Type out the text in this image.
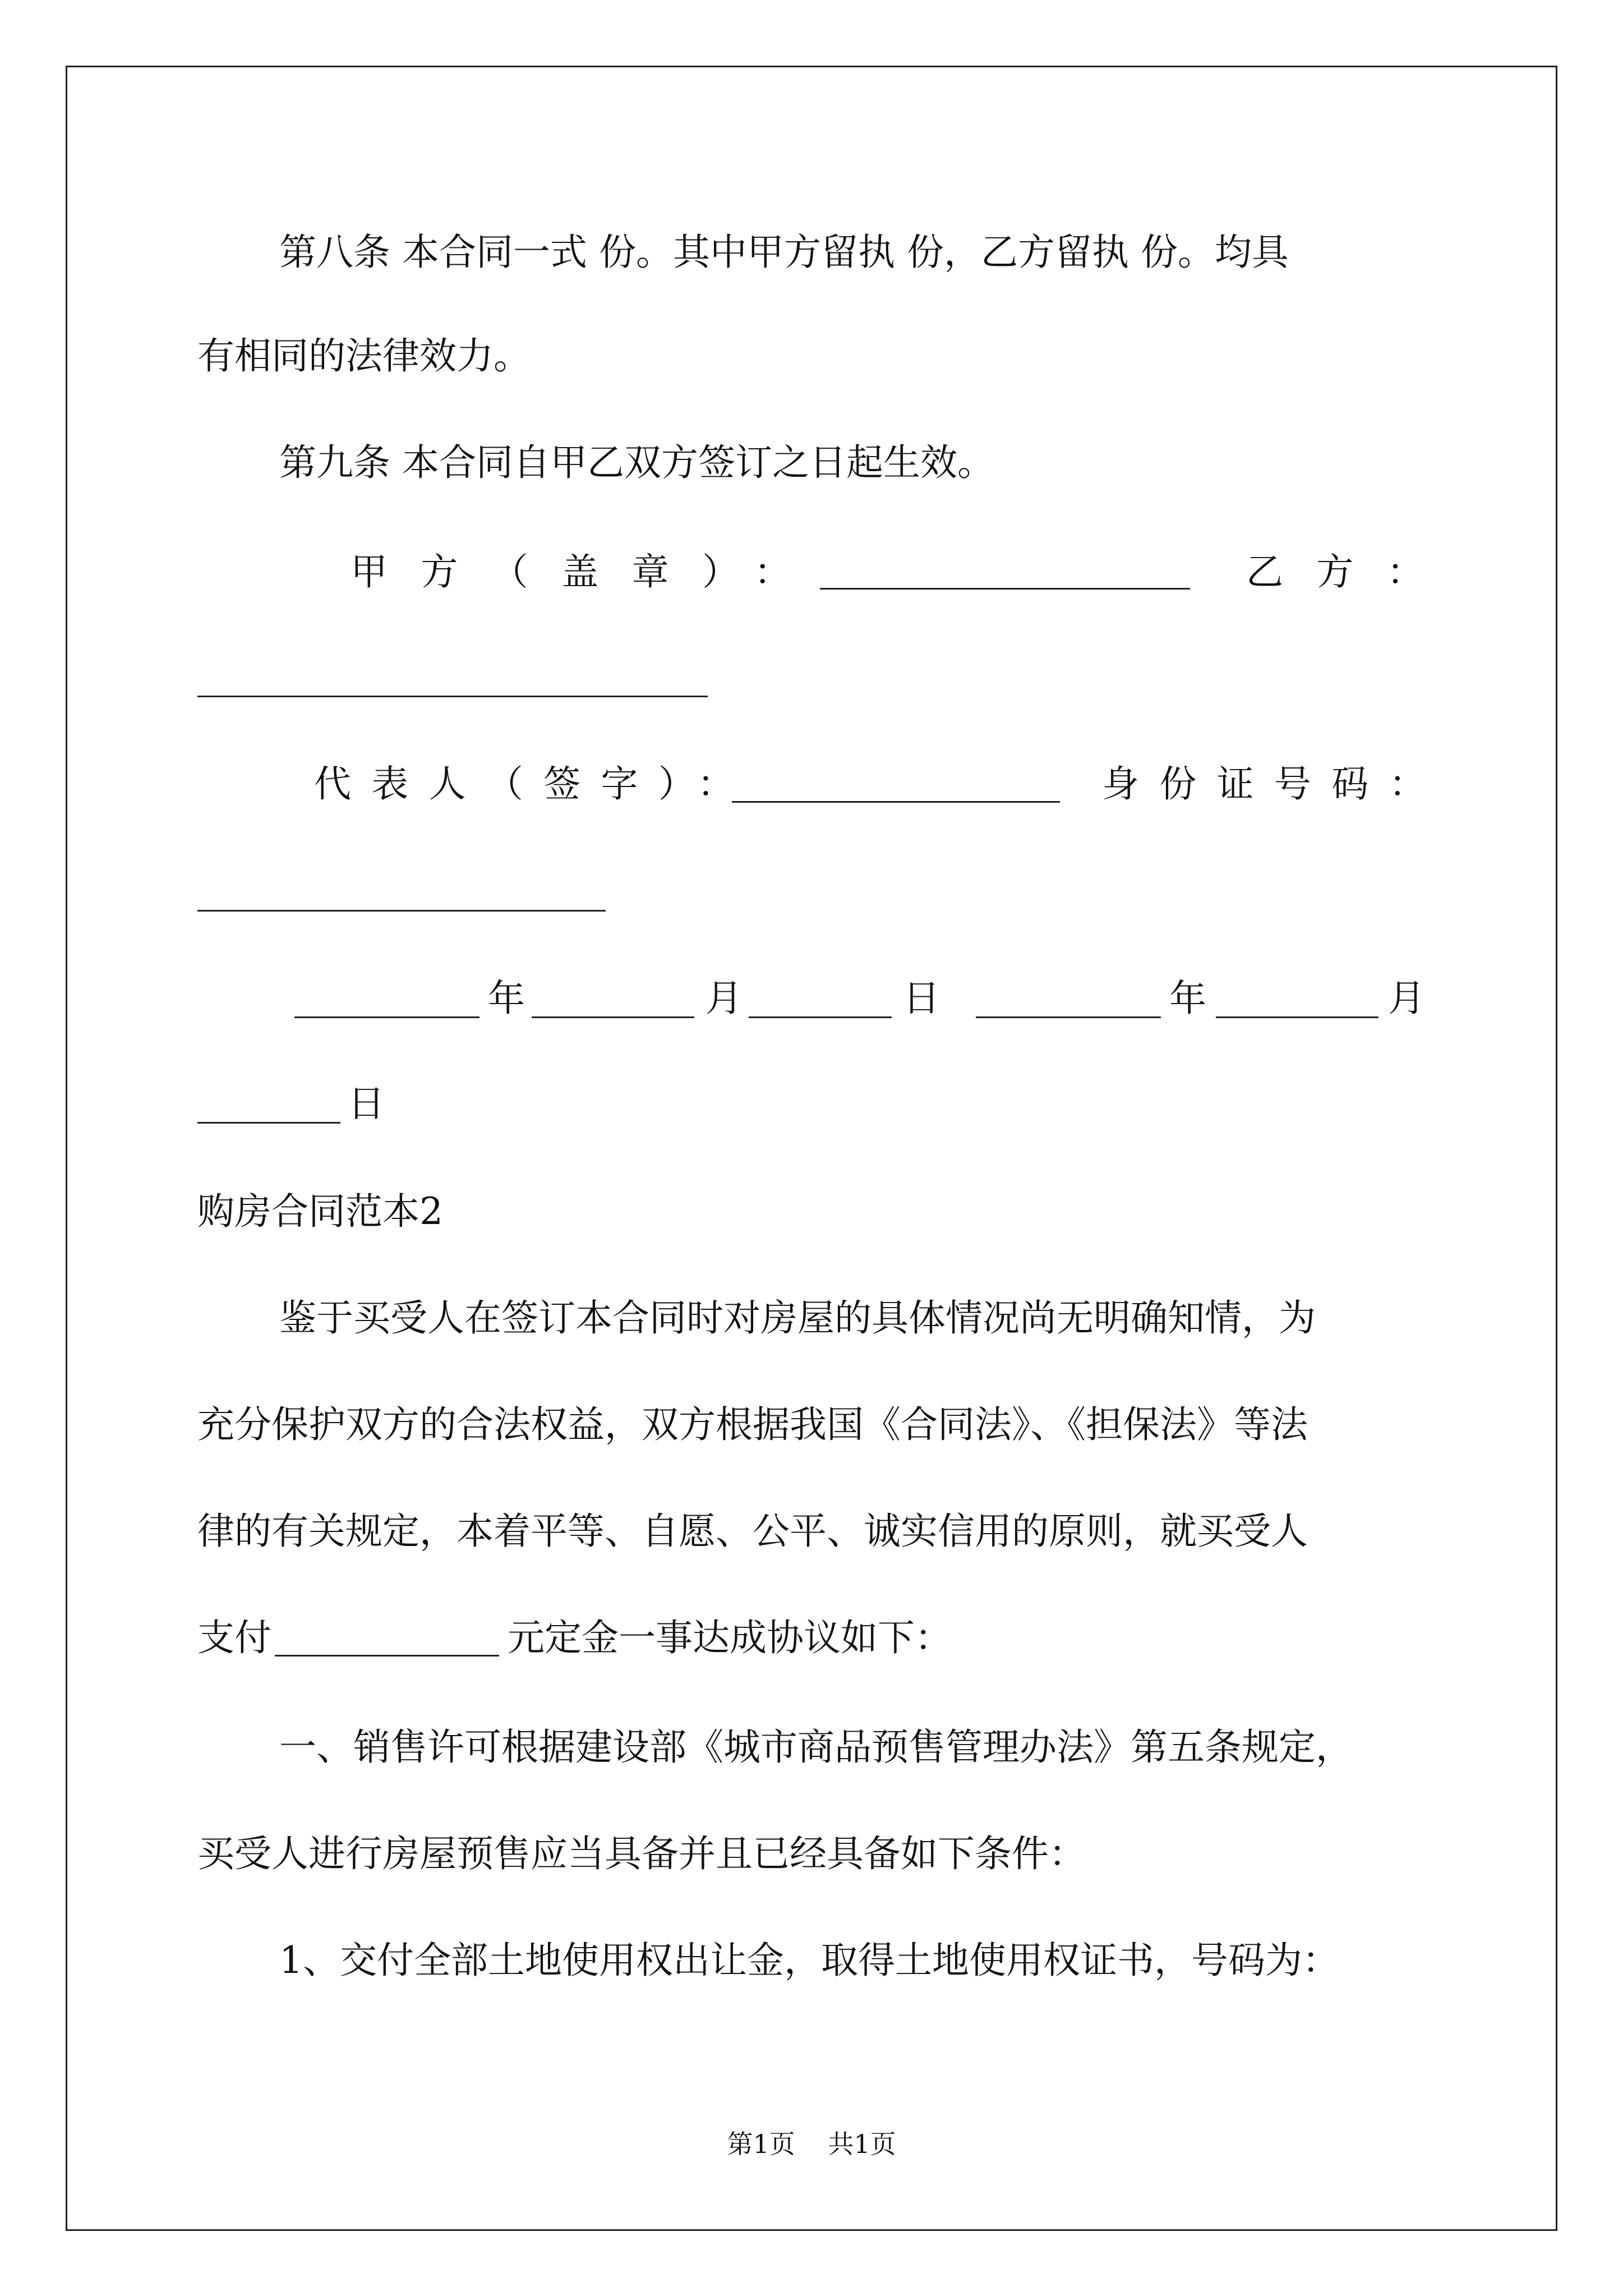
第八条 本合同一式 份。其中甲方留执 份，乙方留执 份。均具
有相同的法律效力。
第九条 本合同自甲乙双方签订之日起生效。
甲方（盖章）：	乙方：
代表人（签字）：	身份证号码：
年	月	日	年	月
日
购房合同范本2
鉴于买受人在签订本合同时对房屋的具体情况尚无明确知情，为
充分保护双方的合法权益，双方根据我国《合同法》、《担保法》等法
律的有关规定，本着平等、自愿、公平、诚实信用的原则，就买受人
支付	元定金一事达成协议如下：
一、销售许可根据建设部《城市商品预售管理办法》第五条规定，
买受人进行房屋预售应当具备并且已经具备如下条件：
1、交付全部土地使用权出让金，取得土地使用权证书，号码为：
第1页 共1页
